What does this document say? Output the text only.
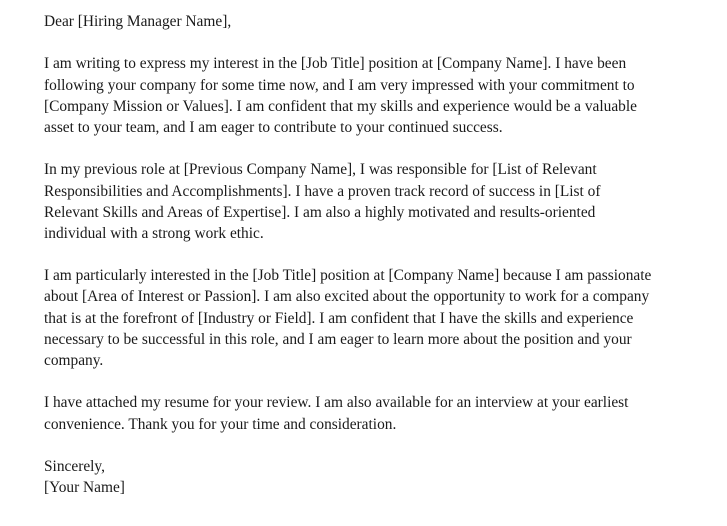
Dear [Hiring Manager Name],
I am writing to express my interest in the [Job Title] position at [Company Name]. I have been
following your company for some time now, and I am very impressed with your commitment to
[Company Mission or Values]. I am confident that my skills and experience would be a valuable
asset to your team, and I am eager to contribute to your continued success.
In my previous role at [Previous Company Name], I was responsible for [List of Relevant
Responsibilities and Accomplishments]. I have a proven track record of success in [List of
Relevant Skills and Areas of Expertise]. I am also a highly motivated and results-oriented
individual with a strong work ethic.
I am particularly interested in the [Job Title] position at [Company Name] because I am passionate
about [Area of Interest or Passion]. I am also excited about the opportunity to work for a company
that is at the forefront of [Industry or Field]. I am confident that I have the skills and experience
necessary to be successful in this role, and I am eager to learn more about the position and your
company.
I have attached my resume for your review. I am also available for an interview at your earliest
convenience. Thank you for your time and consideration.
Sincerely,
[Your Name]
